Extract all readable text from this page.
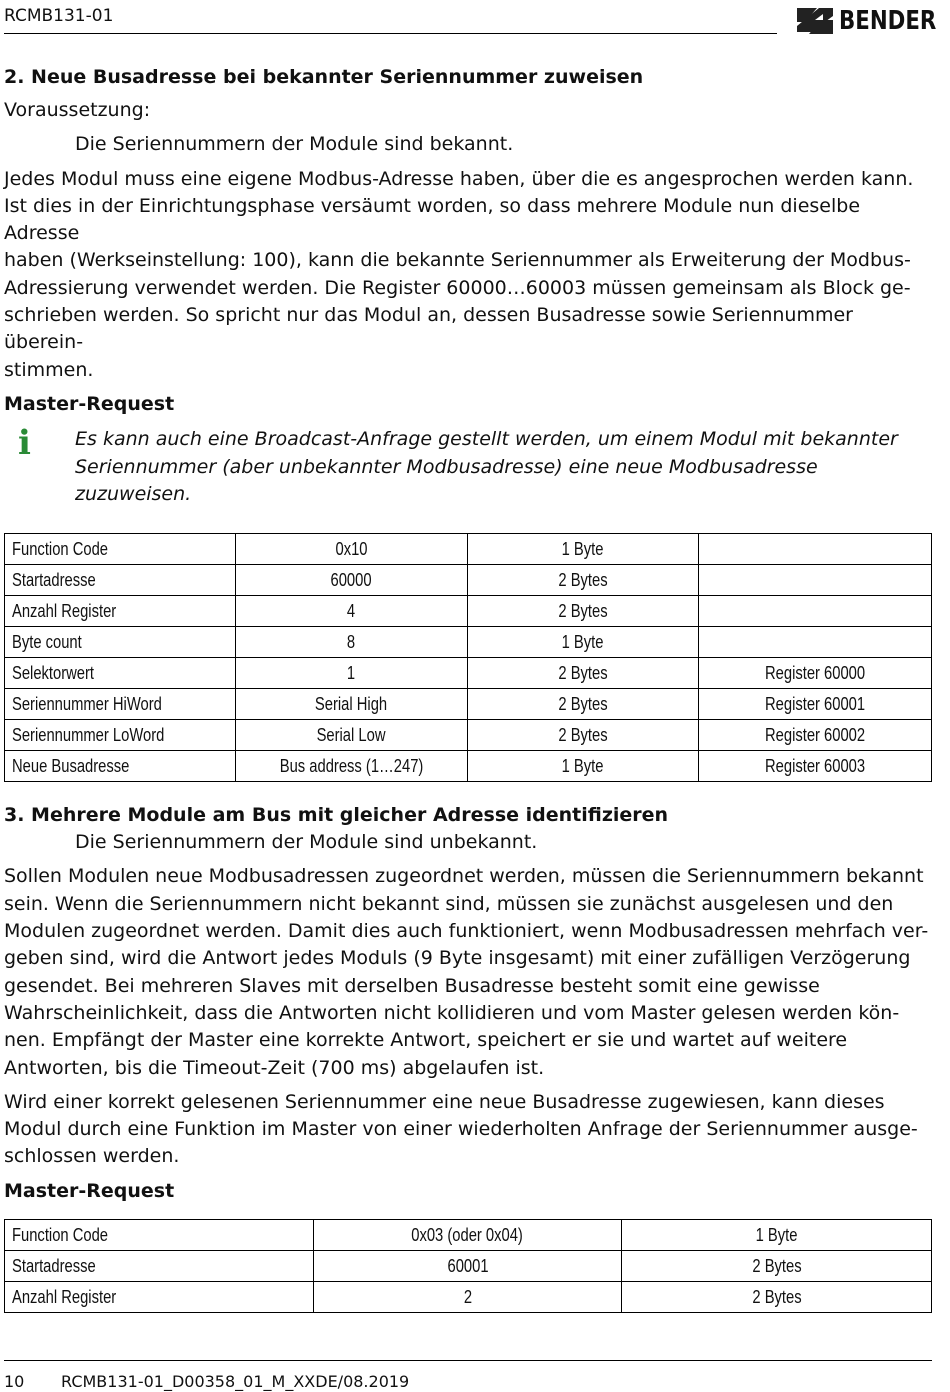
RCMB131-01	BENDER
2. Neue Busadresse bei bekannter Seriennummer zuweisen

Voraussetzung:

Die Seriennummern der Module sind bekannt.

Jedes Modul muss eine eigene Modbus-Adresse haben, über die es angesprochen werden kann.

Ist dies in der Einrichtungsphase versäumt worden, so dass mehrere Module nun dieselbe Adresse

haben (Werkseinstellung: 100), kann die bekannte Seriennummer als Erweiterung der Modbus-

Adressierung verwendet werden. Die Register 60000…60003 müssen gemeinsam als Block ge-

schrieben werden. So spricht nur das Modul an, dessen Busadresse sowie Seriennummer überein-

stimmen.

Master-Request

i Es kann auch eine Broadcast-Anfrage gestellt werden, um einem Modul mit bekannter
Seriennummer (aber unbekannter Modbusadresse) eine neue Modbusadresse zuzuweisen.
Function Code	0x10	1 Byte	
Startadresse	60000	2 Bytes	
Anzahl Register	4	2 Bytes	
Byte count	8	1 Byte	
Selektorwert	1	2 Bytes	Register 60000
Seriennummer HiWord	Serial High	2 Bytes	Register 60001
Seriennummer LoWord	Serial Low	2 Bytes	Register 60002
Neue Busadresse	Bus address (1…247)	1 Byte	Register 60003
3. Mehrere Module am Bus mit gleicher Adresse identifizieren

Die Seriennummern der Module sind unbekannt.

Sollen Modulen neue Modbusadressen zugeordnet werden, müssen die Seriennummern bekannt

sein. Wenn die Seriennummern nicht bekannt sind, müssen sie zunächst ausgelesen und den

Modulen zugeordnet werden. Damit dies auch funktioniert, wenn Modbusadressen mehrfach ver-

geben sind, wird die Antwort jedes Moduls (9 Byte insgesamt) mit einer zufälligen Verzögerung

gesendet. Bei mehreren Slaves mit derselben Busadresse besteht somit eine gewisse

Wahrscheinlichkeit, dass die Antworten nicht kollidieren und vom Master gelesen werden kön-

nen. Empfängt der Master eine korrekte Antwort, speichert er sie und wartet auf weitere

Antworten, bis die Timeout-Zeit (700 ms) abgelaufen ist.

Wird einer korrekt gelesenen Seriennummer eine neue Busadresse zugewiesen, kann dieses

Modul durch eine Funktion im Master von einer wiederholten Anfrage der Seriennummer ausge-

schlossen werden.

Master-Request

Function Code	0x03 (oder 0x04)	1 Byte
Startadresse	60001	2 Bytes
Anzahl Register	2	2 Bytes
10 RCMB131-01_D00358_01_M_XXDE/08.2019
